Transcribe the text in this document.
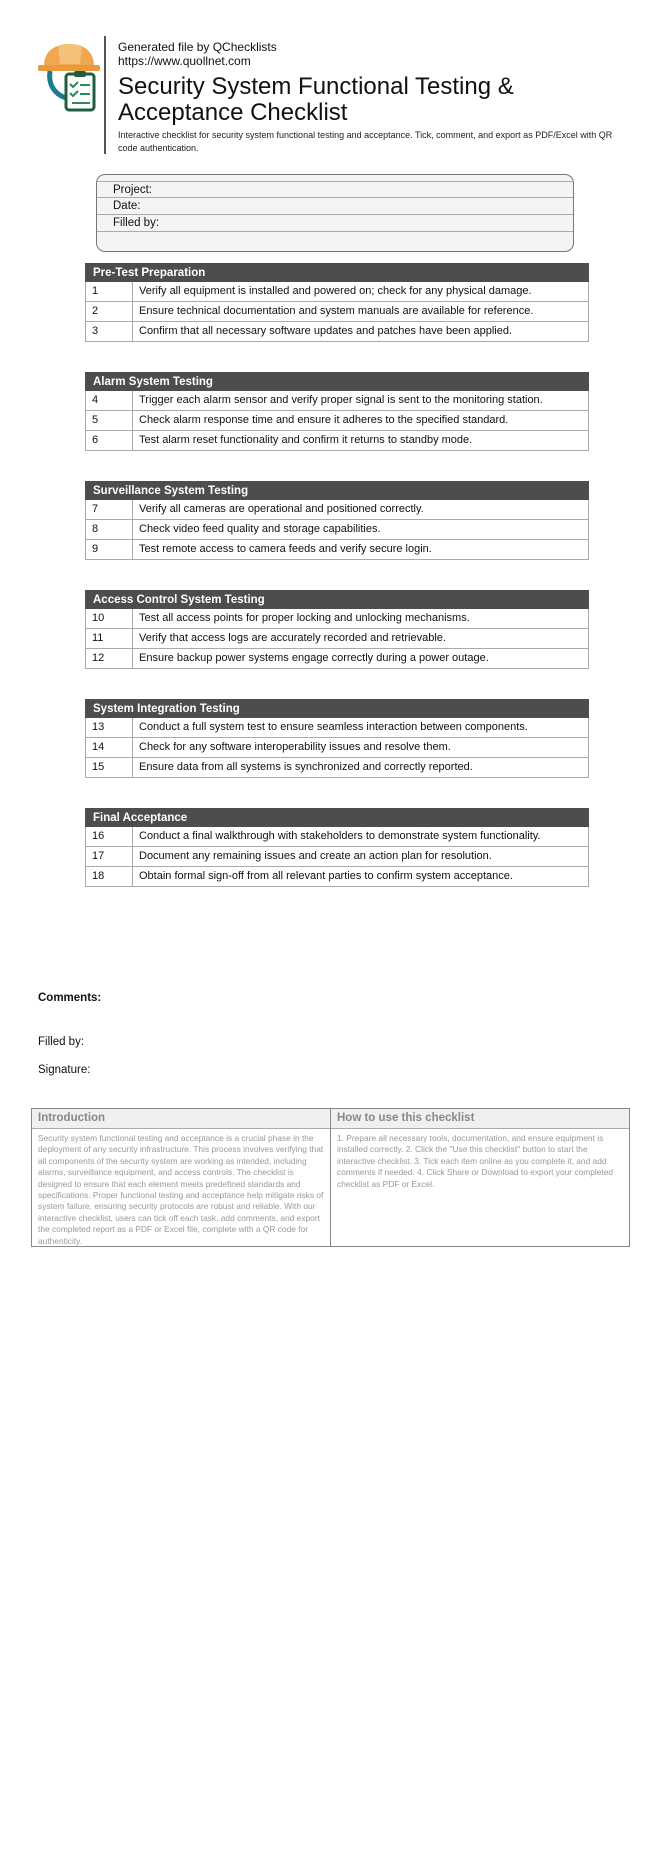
Generated file by QChecklists
https://www.quollnet.com
Security System Functional Testing & Acceptance Checklist
Interactive checklist for security system functional testing and acceptance. Tick, comment, and export as PDF/Excel with QR code authentication.
Project:
Date:
Filled by:
Pre-Test Preparation
1	Verify all equipment is installed and powered on; check for any physical damage.
2	Ensure technical documentation and system manuals are available for reference.
3	Confirm that all necessary software updates and patches have been applied.
Alarm System Testing
4	Trigger each alarm sensor and verify proper signal is sent to the monitoring station.
5	Check alarm response time and ensure it adheres to the specified standard.
6	Test alarm reset functionality and confirm it returns to standby mode.
Surveillance System Testing
7	Verify all cameras are operational and positioned correctly.
8	Check video feed quality and storage capabilities.
9	Test remote access to camera feeds and verify secure login.
Access Control System Testing
10	Test all access points for proper locking and unlocking mechanisms.
11	Verify that access logs are accurately recorded and retrievable.
12	Ensure backup power systems engage correctly during a power outage.
System Integration Testing
13	Conduct a full system test to ensure seamless interaction between components.
14	Check for any software interoperability issues and resolve them.
15	Ensure data from all systems is synchronized and correctly reported.
Final Acceptance
16	Conduct a final walkthrough with stakeholders to demonstrate system functionality.
17	Document any remaining issues and create an action plan for resolution.
18	Obtain formal sign-off from all relevant parties to confirm system acceptance.
Comments:
Filled by:
Signature:
Introduction
Security system functional testing and acceptance is a crucial phase in the deployment of any security infrastructure. This process involves verifying that all components of the security system are working as intended, including alarms, surveillance equipment, and access controls. The checklist is designed to ensure that each element meets predefined standards and specifications. Proper functional testing and acceptance help mitigate risks of system failure, ensuring security protocols are robust and reliable. With our interactive checklist, users can tick off each task, add comments, and export the completed report as a PDF or Excel file, complete with a QR code for authenticity.
How to use this checklist
1. Prepare all necessary tools, documentation, and ensure equipment is installed correctly. 2. Click the "Use this checklist" button to start the interactive checklist. 3. Tick each item online as you complete it, and add comments if needed. 4. Click Share or Download to export your completed checklist as PDF or Excel.
